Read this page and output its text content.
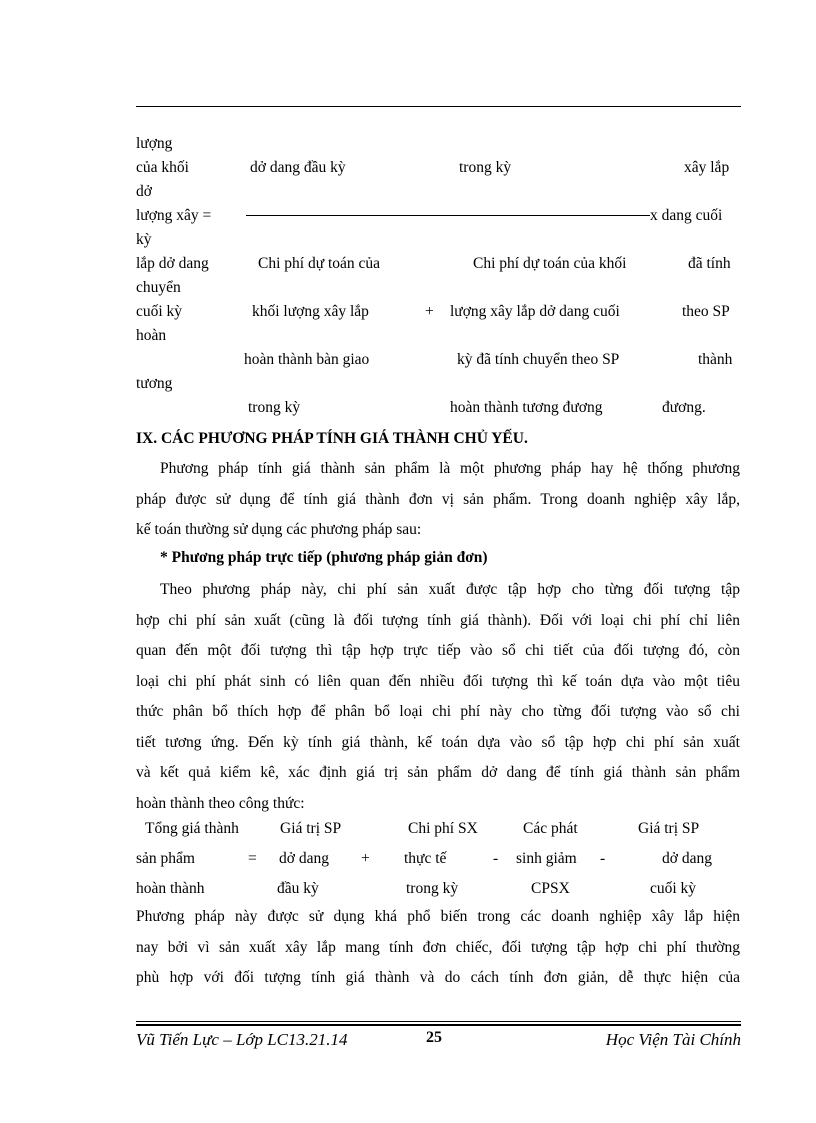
lượng
của khối	dở dang đầu kỳ	trong kỳ	xây lắp
dở
lượng xây =	x dang cuối
kỳ
lắp dở dang	Chi phí dự toán của	Chi phí dự toán của khối	đã tính
chuyển
cuối kỳ	khối lượng xây lắp	+ lượng xây lắp dở dang cuối	theo SP
hoàn
hoàn thành bàn giao	kỳ đã tính chuyển theo SP	thành
tương
trong kỳ	hoàn thành tương đương	đương.
IX. CÁC PHƯƠNG PHÁP TÍNH GIÁ THÀNH CHỦ YẾU.
Phương pháp tính giá thành sản phẩm là một phương pháp hay hệ thống phương
pháp được sử dụng để tính giá thành đơn vị sản phẩm. Trong doanh nghiệp xây lắp,
kế toán thường sử dụng các phương pháp sau:
* Phương pháp trực tiếp (phương pháp giản đơn)
Theo phương pháp này, chi phí sản xuất được tập hợp cho từng đối tượng tập
hợp chi phí sản xuất (cũng là đối tượng tính giá thành). Đối với loại chi phí chỉ liên
quan đến một đối tượng thì tập hợp trực tiếp vào sổ chi tiết của đối tượng đó, còn
loại chi phí phát sinh có liên quan đến nhiều đối tượng thì kế toán dựa vào một tiêu
thức phân bổ thích hợp để phân bổ loại chi phí này cho từng đối tượng vào sổ chi
tiết tương ứng. Đến kỳ tính giá thành, kế toán dựa vào sổ tập hợp chi phí sản xuất
và kết quả kiểm kê, xác định giá trị sản phẩm dở dang để tính giá thành sản phẩm
hoàn thành theo công thức:
Tổng giá thành	Giá trị SP	Chi phí SX	Các phát	Giá trị SP
sản phẩm	= dở dang + thực tế	- sinh giảm -	dở dang
hoàn thành	đầu kỳ	trong kỳ	CPSX	cuối kỳ
Phương pháp này được sử dụng khá phổ biến trong các doanh nghiệp xây lắp hiện
nay bởi vì sản xuất xây lắp mang tính đơn chiếc, đối tượng tập hợp chi phí thường
phù hợp với đối tượng tính giá thành và do cách tính đơn giản, dễ thực hiện của
Vũ Tiến Lực – Lớp LC13.21.14	25	Học Viện Tài Chính
